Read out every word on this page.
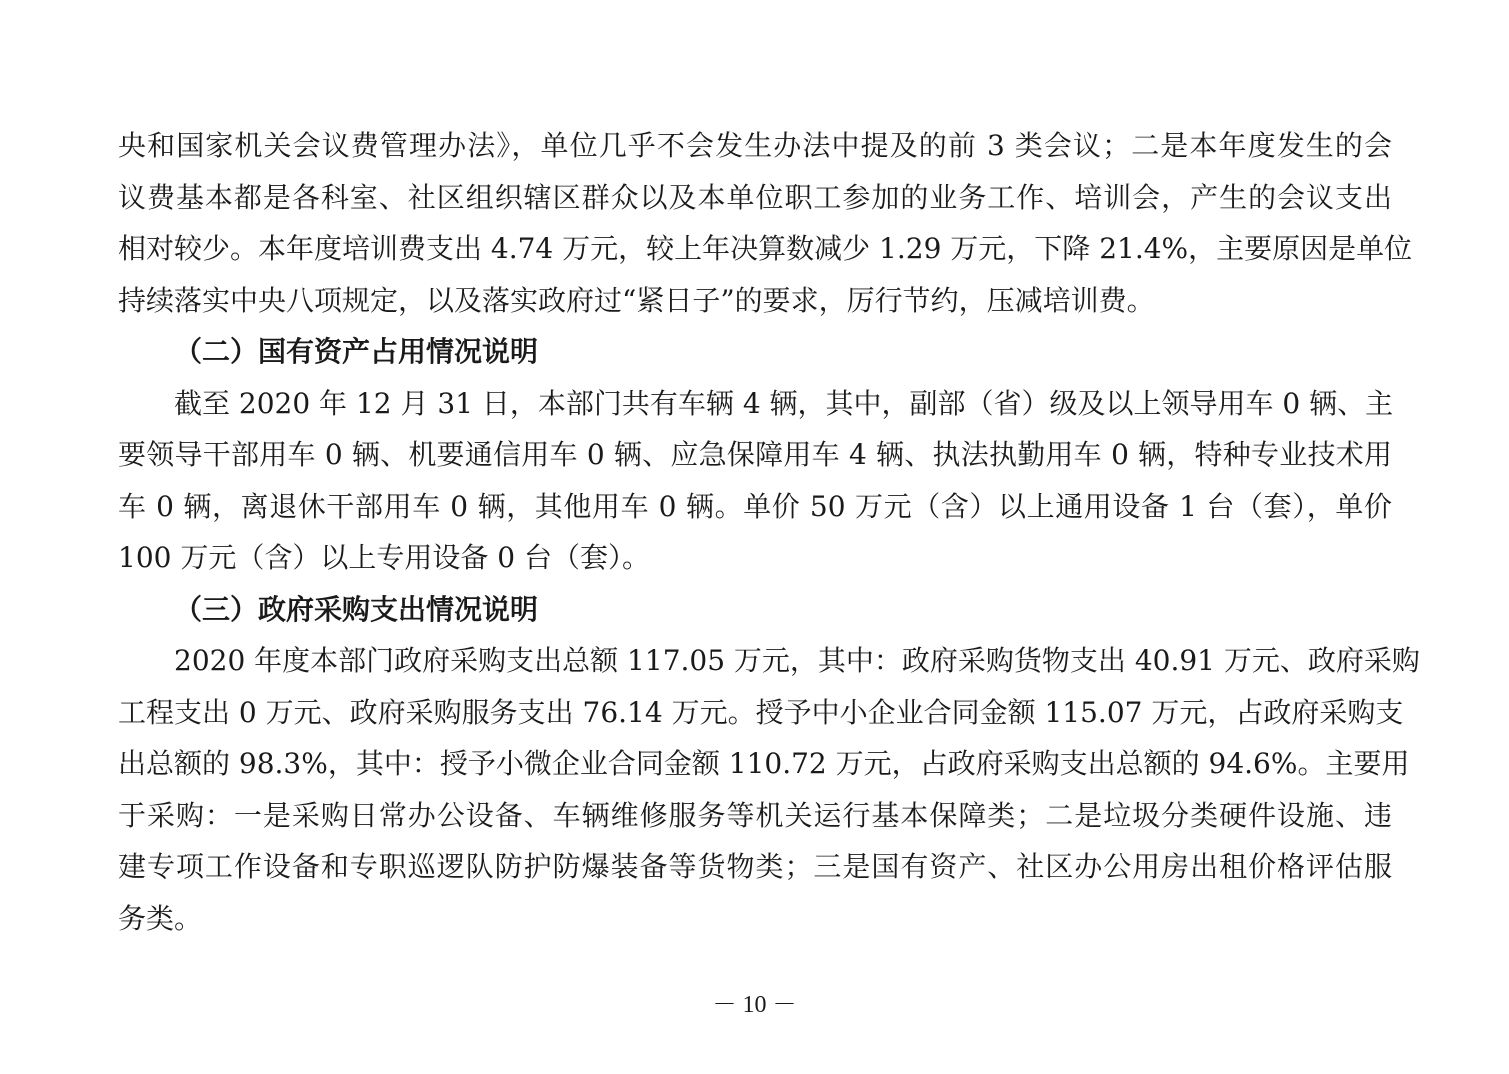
央和国家机关会议费管理办法》，单位几乎不会发生办法中提及的前 3 类会议；二是本年度发生的会
议费基本都是各科室、社区组织辖区群众以及本单位职工参加的业务工作、培训会，产生的会议支出
相对较少。本年度培训费支出 4.74 万元，较上年决算数减少 1.29 万元，下降 21.4%，主要原因是单位
持续落实中央八项规定，以及落实政府过“紧日子”的要求，厉行节约，压减培训费。
（二）国有资产占用情况说明
截至 2020 年 12 月 31 日，本部门共有车辆 4 辆，其中，副部（省）级及以上领导用车 0 辆、主
要领导干部用车 0 辆、机要通信用车 0 辆、应急保障用车 4 辆、执法执勤用车 0 辆，特种专业技术用
车 0 辆，离退休干部用车 0 辆，其他用车 0 辆。单价 50 万元（含）以上通用设备 1 台（套），单价
100 万元（含）以上专用设备 0 台（套）。
（三）政府采购支出情况说明
2020 年度本部门政府采购支出总额 117.05 万元，其中：政府采购货物支出 40.91 万元、政府采购
工程支出 0 万元、政府采购服务支出 76.14 万元。授予中小企业合同金额 115.07 万元，占政府采购支
出总额的 98.3%，其中：授予小微企业合同金额 110.72 万元，占政府采购支出总额的 94.6%。主要用
于采购：一是采购日常办公设备、车辆维修服务等机关运行基本保障类；二是垃圾分类硬件设施、违
建专项工作设备和专职巡逻队防护防爆装备等货物类；三是国有资产、社区办公用房出租价格评估服
务类。
－ 10 －
